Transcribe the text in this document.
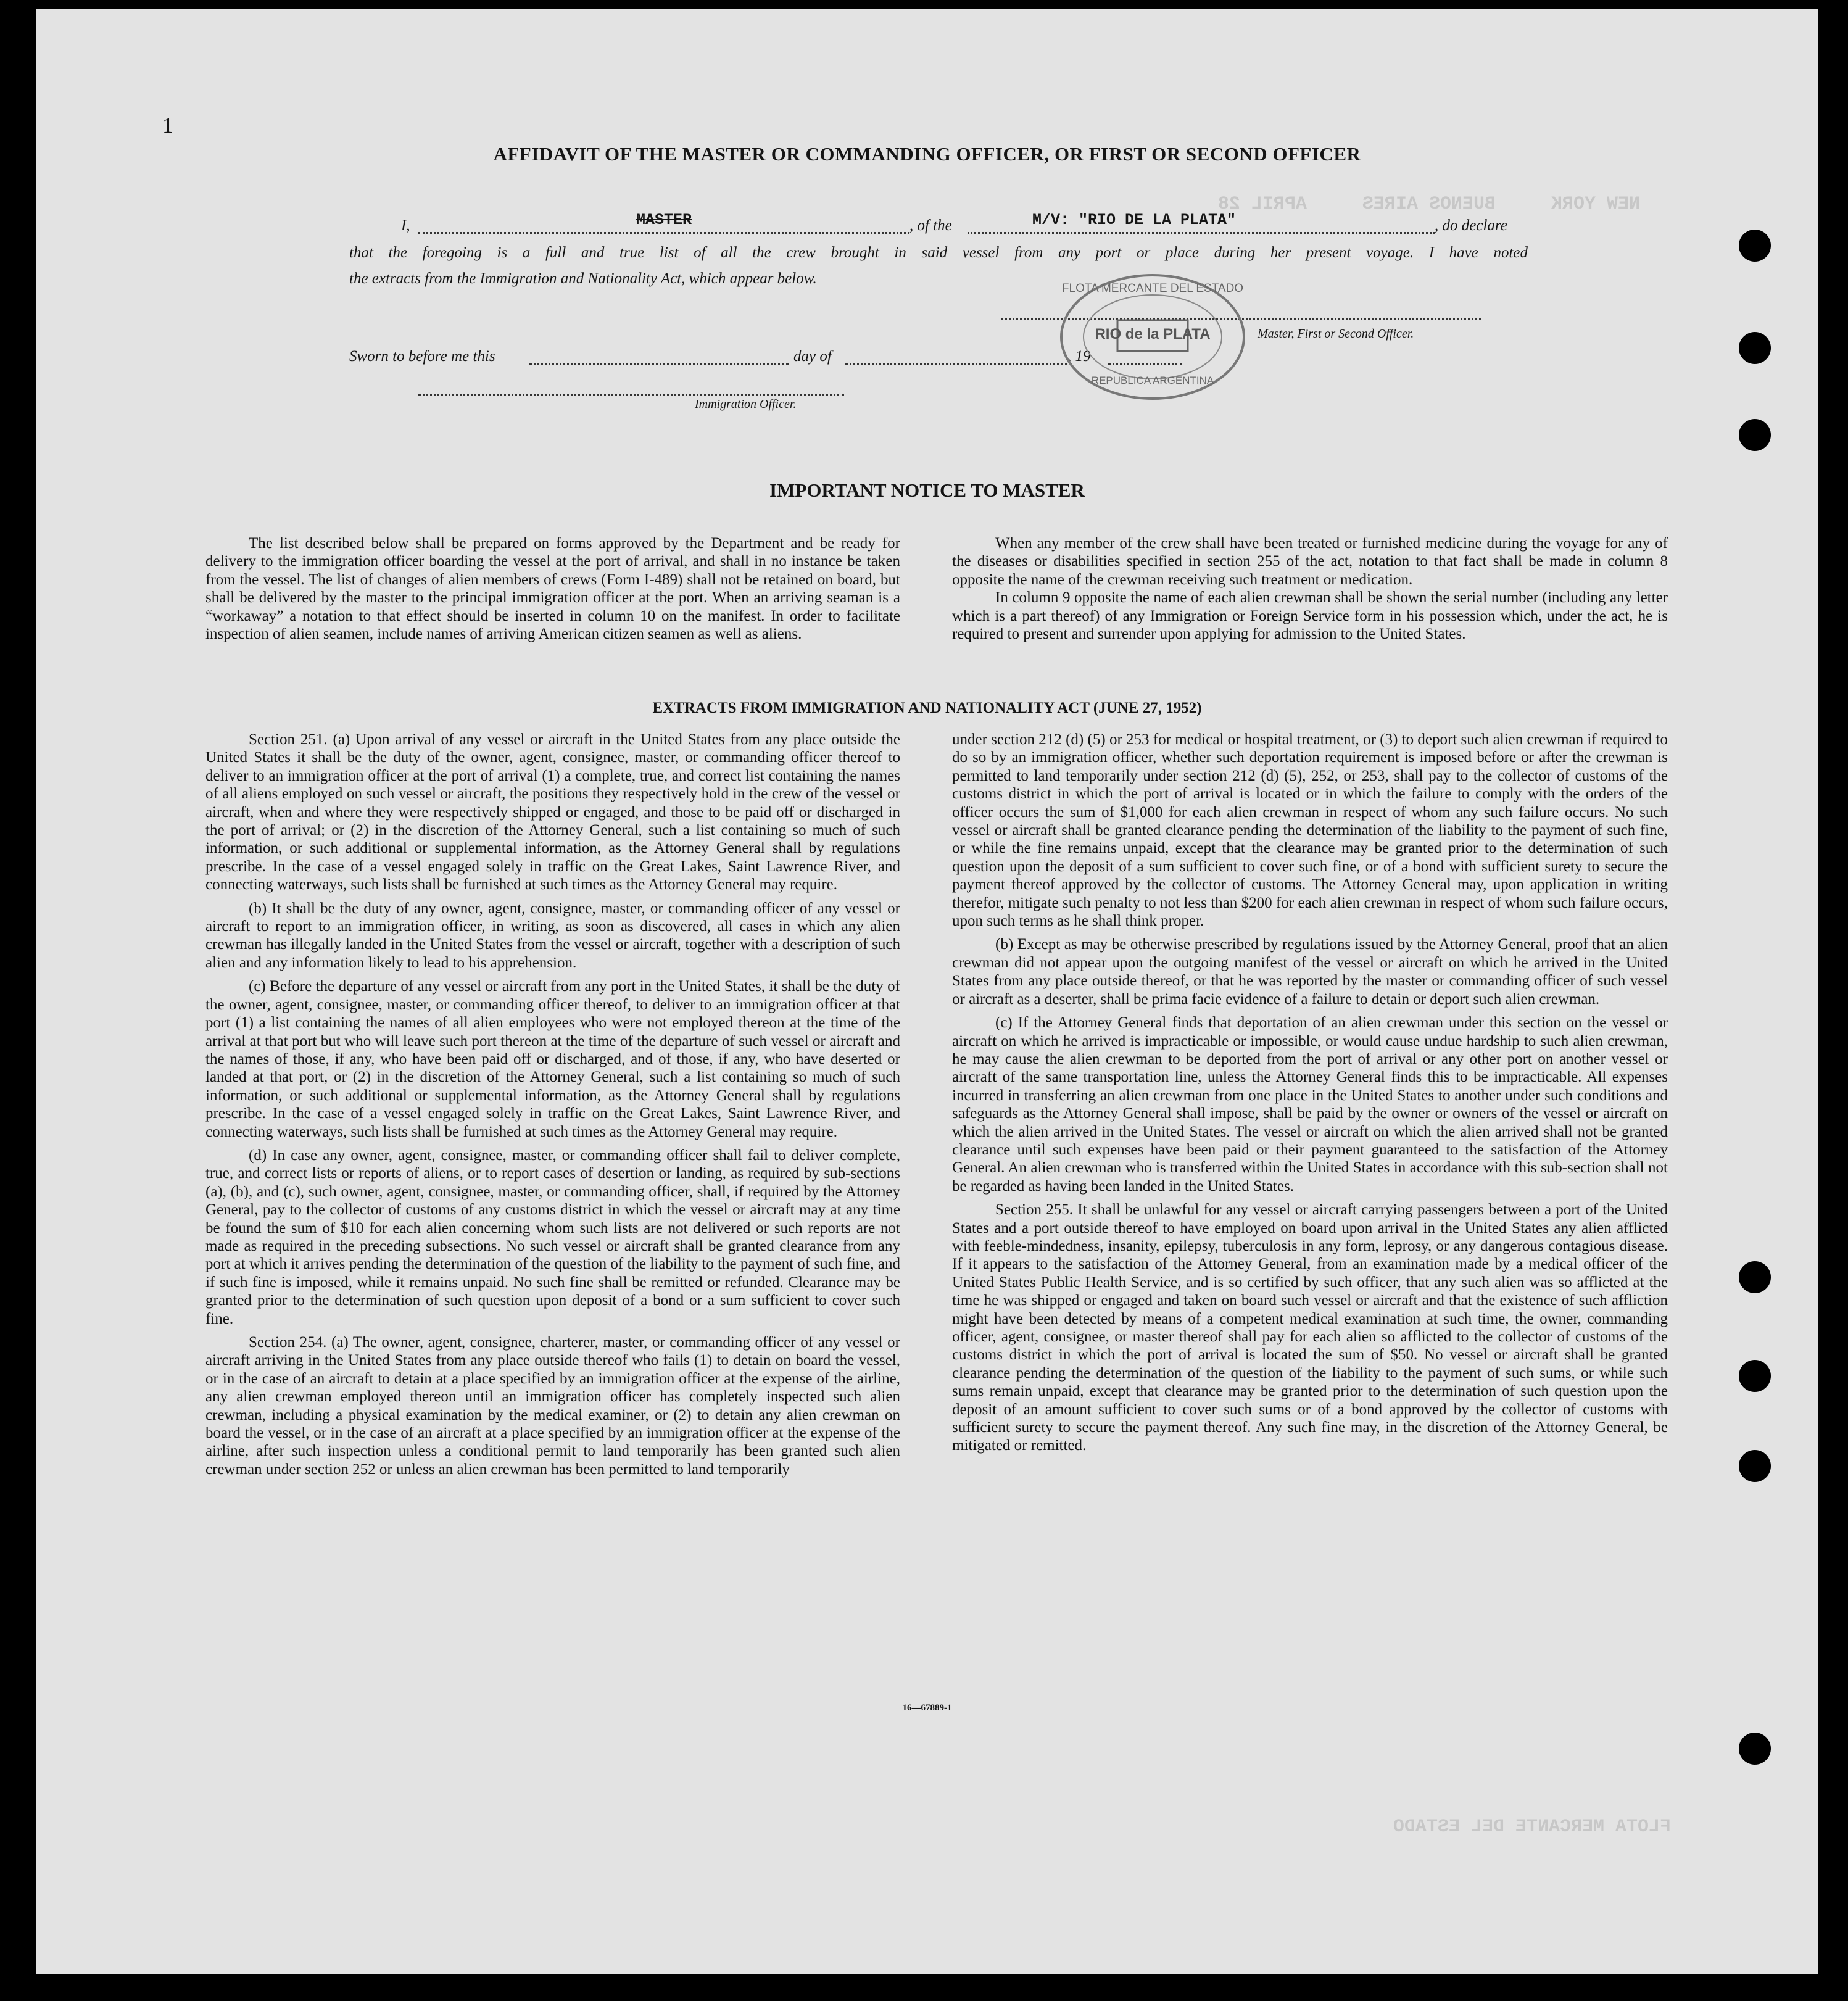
NEW YORK     BUENOS AIRES     APRIL 28
FLOTA MERCANTE DEL ESTADO
1
AFFIDAVIT OF THE MASTER OR COMMANDING OFFICER, OR FIRST OR SECOND OFFICER
I,	MASTER	, of the	M/V: "RIO DE LA PLATA"	, do declare
that the foregoing is a full and true list of all the crew brought in said vessel from any port or place during her present voyage. I have noted
the extracts from the Immigration and Nationality Act, which appear below.
Master, First or Second Officer.
Sworn to before me this	day of	, 19
Immigration Officer.
FLOTA MERCANTE DEL ESTADO
RIO de la PLATA
REPUBLICA ARGENTINA
IMPORTANT NOTICE TO MASTER

The list described below shall be prepared on forms approved by the Department and be ready for delivery to the immigration officer boarding the vessel at the port of arrival, and shall in no instance be taken from the vessel. The list of changes of alien members of crews (Form I-489) shall not be retained on board, but shall be delivered by the master to the principal immigration officer at the port. When an arriving seaman is a “workaway” a notation to that effect should be inserted in column 10 on the manifest. In order to facilitate inspection of alien seamen, include names of arriving American citizen seamen as well as aliens.

When any member of the crew shall have been treated or furnished medicine during the voyage for any of the diseases or disabilities specified in section 255 of the act, notation to that fact shall be made in column 8 opposite the name of the crewman receiving such treatment or medication.

In column 9 opposite the name of each alien crewman shall be shown the serial number (including any letter which is a part thereof) of any Immigration or Foreign Service form in his possession which, under the act, he is required to present and surrender upon applying for admission to the United States.

EXTRACTS FROM IMMIGRATION AND NATIONALITY ACT (JUNE 27, 1952)

Section 251. (a) Upon arrival of any vessel or aircraft in the United States from any place outside the United States it shall be the duty of the owner, agent, consignee, master, or commanding officer thereof to deliver to an immigration officer at the port of arrival (1) a complete, true, and correct list containing the names of all aliens employed on such vessel or aircraft, the positions they respectively hold in the crew of the vessel or aircraft, when and where they were respectively shipped or engaged, and those to be paid off or discharged in the port of arrival; or (2) in the discretion of the Attorney General, such a list containing so much of such information, or such additional or supplemental information, as the Attorney General shall by regulations prescribe. In the case of a vessel engaged solely in traffic on the Great Lakes, Saint Lawrence River, and connecting waterways, such lists shall be furnished at such times as the Attorney General may require.

(b) It shall be the duty of any owner, agent, consignee, master, or commanding officer of any vessel or aircraft to report to an immigration officer, in writing, as soon as discovered, all cases in which any alien crewman has illegally landed in the United States from the vessel or aircraft, together with a description of such alien and any information likely to lead to his apprehension.

(c) Before the departure of any vessel or aircraft from any port in the United States, it shall be the duty of the owner, agent, consignee, master, or commanding officer thereof, to deliver to an immigration officer at that port (1) a list containing the names of all alien employees who were not employed thereon at the time of the arrival at that port but who will leave such port thereon at the time of the departure of such vessel or aircraft and the names of those, if any, who have been paid off or discharged, and of those, if any, who have deserted or landed at that port, or (2) in the discretion of the Attorney General, such a list containing so much of such information, or such additional or supplemental information, as the Attorney General shall by regulations prescribe. In the case of a vessel engaged solely in traffic on the Great Lakes, Saint Lawrence River, and connecting waterways, such lists shall be furnished at such times as the Attorney General may require.

(d) In case any owner, agent, consignee, master, or commanding officer shall fail to deliver complete, true, and correct lists or reports of aliens, or to report cases of desertion or landing, as required by sub-sections (a), (b), and (c), such owner, agent, consignee, master, or commanding officer, shall, if required by the Attorney General, pay to the collector of customs of any customs district in which the vessel or aircraft may at any time be found the sum of $10 for each alien concerning whom such lists are not delivered or such reports are not made as required in the preceding subsections. No such vessel or aircraft shall be granted clearance from any port at which it arrives pending the determination of the question of the liability to the payment of such fine, and if such fine is imposed, while it remains unpaid. No such fine shall be remitted or refunded. Clearance may be granted prior to the determination of such question upon deposit of a bond or a sum sufficient to cover such fine.

Section 254. (a) The owner, agent, consignee, charterer, master, or commanding officer of any vessel or aircraft arriving in the United States from any place outside thereof who fails (1) to detain on board the vessel, or in the case of an aircraft to detain at a place specified by an immigration officer at the expense of the airline, any alien crewman employed thereon until an immigration officer has completely inspected such alien crewman, including a physical examination by the medical examiner, or (2) to detain any alien crewman on board the vessel, or in the case of an aircraft at a place specified by an immigration officer at the expense of the airline, after such inspection unless a conditional permit to land temporarily has been granted such alien crewman under section 252 or unless an alien crewman has been permitted to land temporarily

under section 212 (d) (5) or 253 for medical or hospital treatment, or (3) to deport such alien crewman if required to do so by an immigration officer, whether such deportation requirement is imposed before or after the crewman is permitted to land temporarily under section 212 (d) (5), 252, or 253, shall pay to the collector of customs of the customs district in which the port of arrival is located or in which the failure to comply with the orders of the officer occurs the sum of $1,000 for each alien crewman in respect of whom any such failure occurs. No such vessel or aircraft shall be granted clearance pending the determination of the liability to the payment of such fine, or while the fine remains unpaid, except that the clearance may be granted prior to the determination of such question upon the deposit of a sum sufficient to cover such fine, or of a bond with sufficient surety to secure the payment thereof approved by the collector of customs. The Attorney General may, upon application in writing therefor, mitigate such penalty to not less than $200 for each alien crewman in respect of whom such failure occurs, upon such terms as he shall think proper.

(b) Except as may be otherwise prescribed by regulations issued by the Attorney General, proof that an alien crewman did not appear upon the outgoing manifest of the vessel or aircraft on which he arrived in the United States from any place outside thereof, or that he was reported by the master or commanding officer of such vessel or aircraft as a deserter, shall be prima facie evidence of a failure to detain or deport such alien crewman.

(c) If the Attorney General finds that deportation of an alien crewman under this section on the vessel or aircraft on which he arrived is impracticable or impossible, or would cause undue hardship to such alien crewman, he may cause the alien crewman to be deported from the port of arrival or any other port on another vessel or aircraft of the same transportation line, unless the Attorney General finds this to be impracticable. All expenses incurred in transferring an alien crewman from one place in the United States to another under such conditions and safeguards as the Attorney General shall impose, shall be paid by the owner or owners of the vessel or aircraft on which the alien arrived in the United States. The vessel or aircraft on which the alien arrived shall not be granted clearance until such expenses have been paid or their payment guaranteed to the satisfaction of the Attorney General. An alien crewman who is transferred within the United States in accordance with this sub-section shall not be regarded as having been landed in the United States.

Section 255. It shall be unlawful for any vessel or aircraft carrying passengers between a port of the United States and a port outside thereof to have employed on board upon arrival in the United States any alien afflicted with feeble-mindedness, insanity, epilepsy, tuberculosis in any form, leprosy, or any dangerous contagious disease. If it appears to the satisfaction of the Attorney General, from an examination made by a medical officer of the United States Public Health Service, and is so certified by such officer, that any such alien was so afflicted at the time he was shipped or engaged and taken on board such vessel or aircraft and that the existence of such affliction might have been detected by means of a competent medical examination at such time, the owner, commanding officer, agent, consignee, or master thereof shall pay for each alien so afflicted to the collector of customs of the customs district in which the port of arrival is located the sum of $50. No vessel or aircraft shall be granted clearance pending the determination of the question of the liability to the payment of such sums, or while such sums remain unpaid, except that clearance may be granted prior to the determination of such question upon the deposit of an amount sufficient to cover such sums or of a bond approved by the collector of customs with sufficient surety to secure the payment thereof. Any such fine may, in the discretion of the Attorney General, be mitigated or remitted.

16—67889-1
